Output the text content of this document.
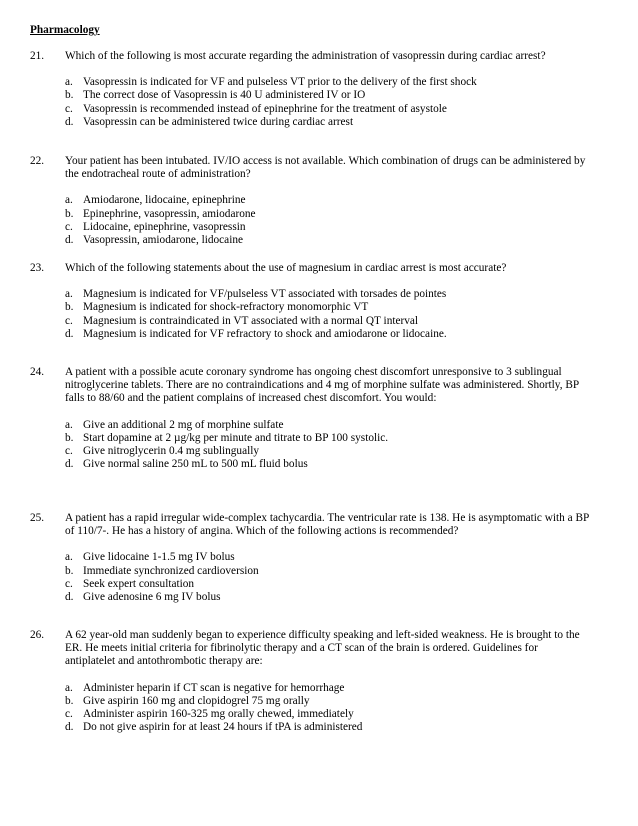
Pharmacology
21. Which of the following is most accurate regarding the administration of vasopressin during cardiac arrest?
a. Vasopressin is indicated for VF and pulseless VT prior to the delivery of the first shock
b. The correct dose of Vasopressin is 40 U administered IV or IO
c. Vasopressin is recommended instead of epinephrine for the treatment of asystole
d. Vasopressin can be administered twice during cardiac arrest
22. Your patient has been intubated. IV/IO access is not available. Which combination of drugs can be administered by the endotracheal route of administration?
a. Amiodarone, lidocaine, epinephrine
b. Epinephrine, vasopressin, amiodarone
c. Lidocaine, epinephrine, vasopressin
d. Vasopressin, amiodarone, lidocaine
23. Which of the following statements about the use of magnesium in cardiac arrest is most accurate?
a. Magnesium is indicated for VF/pulseless VT associated with torsades de pointes
b. Magnesium is indicated for shock-refractory monomorphic VT
c. Magnesium is contraindicated in VT associated with a normal QT interval
d. Magnesium is indicated for VF refractory to shock and amiodarone or lidocaine.
24. A patient with a possible acute coronary syndrome has ongoing chest discomfort unresponsive to 3 sublingual nitroglycerine tablets. There are no contraindications and 4 mg of morphine sulfate was administered. Shortly, BP falls to 88/60 and the patient complains of increased chest discomfort. You would:
a. Give an additional 2 mg of morphine sulfate
b. Start dopamine at 2 µg/kg per minute and titrate to BP 100 systolic.
c. Give nitroglycerin 0.4 mg sublingually
d. Give normal saline 250 mL to 500 mL fluid bolus
25. A patient has a rapid irregular wide-complex tachycardia. The ventricular rate is 138. He is asymptomatic with a BP of 110/7-. He has a history of angina. Which of the following actions is recommended?
a. Give lidocaine 1-1.5 mg IV bolus
b. Immediate synchronized cardioversion
c. Seek expert consultation
d. Give adenosine 6 mg IV bolus
26. A 62 year-old man suddenly began to experience difficulty speaking and left-sided weakness. He is brought to the ER. He meets initial criteria for fibrinolytic therapy and a CT scan of the brain is ordered. Guidelines for antiplatelet and antothrombotic therapy are:
a. Administer heparin if CT scan is negative for hemorrhage
b. Give aspirin 160 mg and clopidogrel 75 mg orally
c. Administer aspirin 160-325 mg orally chewed, immediately
d. Do not give aspirin for at least 24 hours if tPA is administered
